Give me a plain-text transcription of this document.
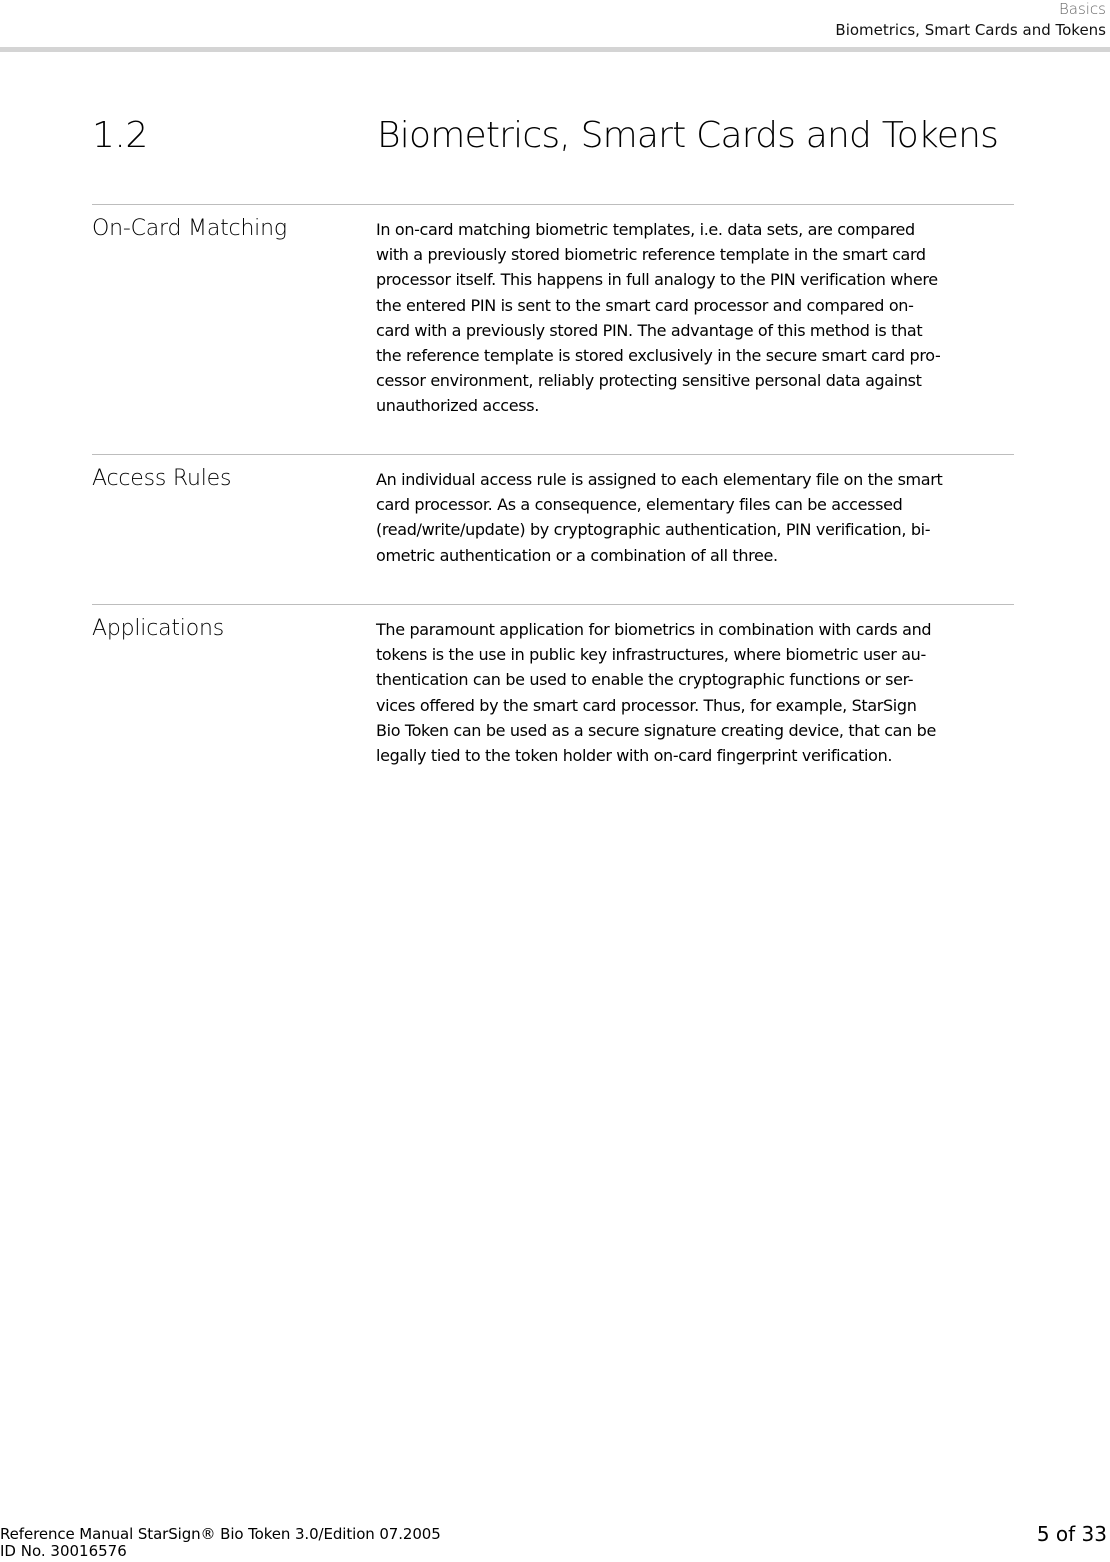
Basics
Biometrics, Smart Cards and Tokens
1.2	Biometrics, Smart Cards and Tokens
On-Card Matching	In on-card matching biometric templates, i.e. data sets, are compared
with a previously stored biometric reference template in the smart card
processor itself. This happens in full analogy to the PIN verification where
the entered PIN is sent to the smart card processor and compared on-
card with a previously stored PIN. The advantage of this method is that
the reference template is stored exclusively in the secure smart card pro-
cessor environment, reliably protecting sensitive personal data against
unauthorized access.
Access Rules	An individual access rule is assigned to each elementary file on the smart
card processor. As a consequence, elementary files can be accessed
(read/write/update) by cryptographic authentication, PIN verification, bi-
ometric authentication or a combination of all three.
Applications	The paramount application for biometrics in combination with cards and
tokens is the use in public key infrastructures, where biometric user au-
thentication can be used to enable the cryptographic functions or ser-
vices offered by the smart card processor. Thus, for example, StarSign
Bio Token can be used as a secure signature creating device, that can be
legally tied to the token holder with on-card fingerprint verification.
Reference Manual StarSign® Bio Token 3.0/Edition 07.2005
ID No. 30016576
5 of 33
